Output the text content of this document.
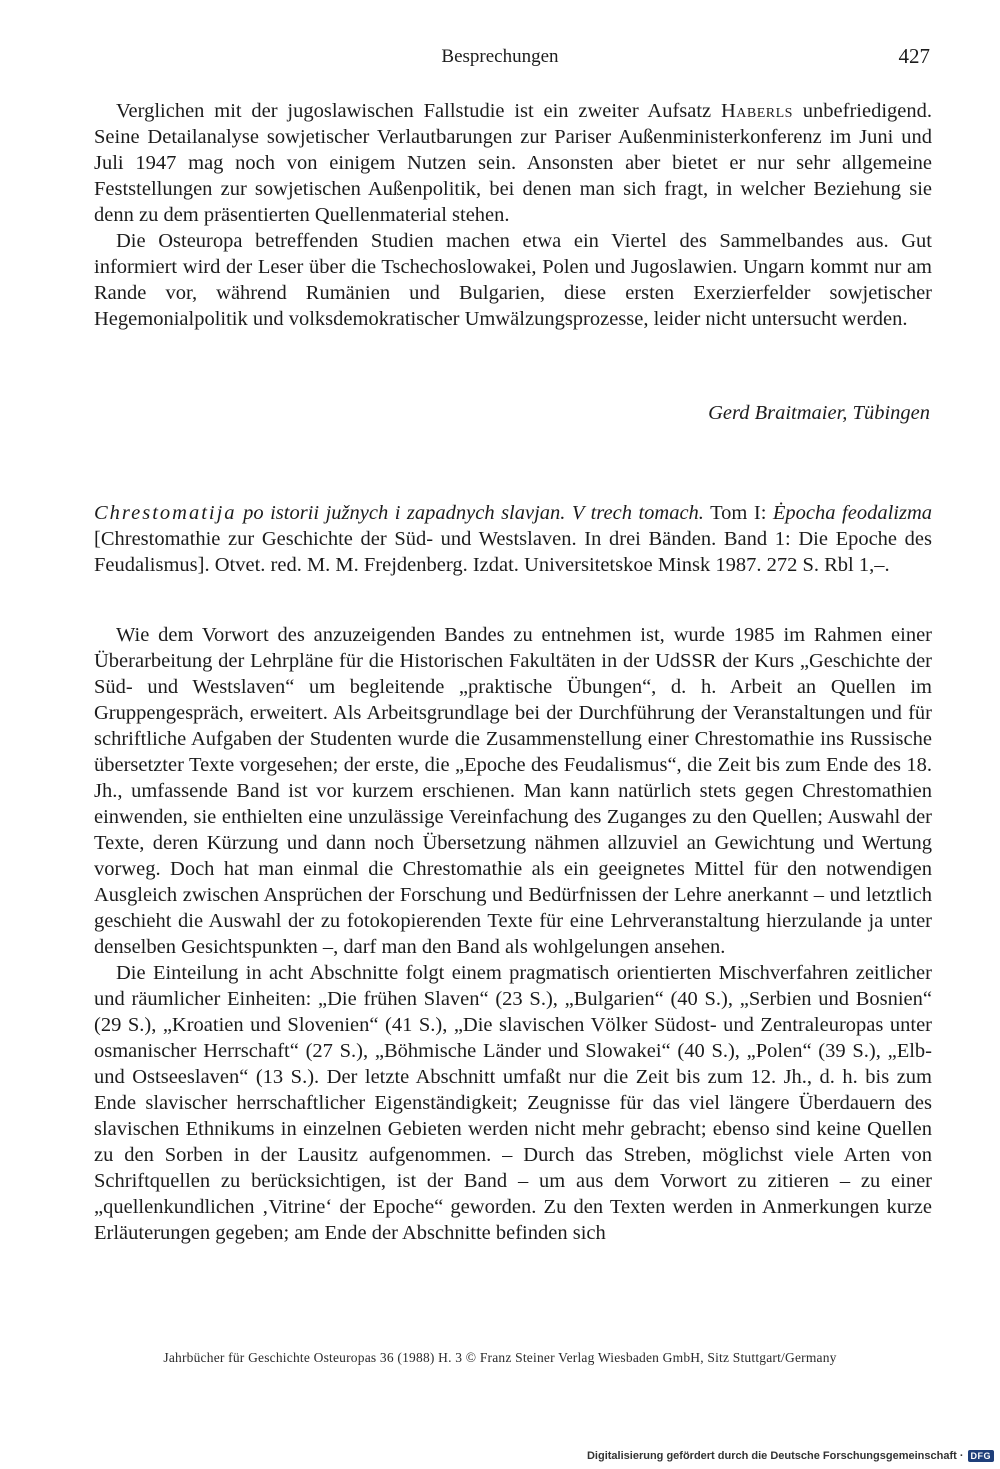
Besprechungen	427

Verglichen mit der jugoslawischen Fallstudie ist ein zweiter Aufsatz Haberls unbefriedigend. Seine Detailanalyse sowjetischer Verlautbarungen zur Pariser Außenministerkonferenz im Juni und Juli 1947 mag noch von einigem Nutzen sein. Ansonsten aber bietet er nur sehr allgemeine Feststellungen zur sowjetischen Außenpolitik, bei denen man sich fragt, in welcher Beziehung sie denn zu dem präsentierten Quellenmaterial stehen.

Die Osteuropa betreffenden Studien machen etwa ein Viertel des Sammelbandes aus. Gut informiert wird der Leser über die Tschechoslowakei, Polen und Jugoslawien. Ungarn kommt nur am Rande vor, während Rumänien und Bulgarien, diese ersten Exerzierfelder sowjetischer Hegemonialpolitik und volksdemokratischer Umwälzungsprozesse, leider nicht untersucht werden.

Gerd Braitmaier, Tübingen

Chrestomatija po istorii južnych i zapadnych slavjan. V trech tomach. Tom I: Ėpocha feodalizma [Chrestomathie zur Geschichte der Süd- und Westslaven. In drei Bänden. Band 1: Die Epoche des Feudalismus]. Otvet. red. M. M. Frejdenberg. Izdat. Universitetskoe Minsk 1987. 272 S. Rbl 1,–.

Wie dem Vorwort des anzuzeigenden Bandes zu entnehmen ist, wurde 1985 im Rahmen einer Überarbeitung der Lehrpläne für die Historischen Fakultäten in der UdSSR der Kurs „Geschichte der Süd- und Westslaven“ um begleitende „praktische Übungen“, d. h. Arbeit an Quellen im Gruppengespräch, erweitert. Als Arbeitsgrundlage bei der Durchführung der Veranstaltungen und für schriftliche Aufgaben der Studenten wurde die Zusammenstellung einer Chrestomathie ins Russische übersetzter Texte vorgesehen; der erste, die „Epoche des Feudalismus“, die Zeit bis zum Ende des 18. Jh., umfassende Band ist vor kurzem erschienen. Man kann natürlich stets gegen Chrestomathien einwenden, sie enthielten eine unzulässige Vereinfachung des Zuganges zu den Quellen; Auswahl der Texte, deren Kürzung und dann noch Übersetzung nähmen allzuviel an Gewichtung und Wertung vorweg. Doch hat man einmal die Chrestomathie als ein geeignetes Mittel für den notwendigen Ausgleich zwischen Ansprüchen der Forschung und Bedürfnissen der Lehre anerkannt – und letztlich geschieht die Auswahl der zu fotokopierenden Texte für eine Lehrveranstaltung hierzulande ja unter denselben Gesichtspunkten –, darf man den Band als wohlgelungen ansehen.

Die Einteilung in acht Abschnitte folgt einem pragmatisch orientierten Mischverfahren zeitlicher und räumlicher Einheiten: „Die frühen Slaven“ (23 S.), „Bulgarien“ (40 S.), „Serbien und Bosnien“ (29 S.), „Kroatien und Slovenien“ (41 S.), „Die slavischen Völker Südost- und Zentraleuropas unter osmanischer Herrschaft“ (27 S.), „Böhmische Länder und Slowakei“ (40 S.), „Polen“ (39 S.), „Elb- und Ostseeslaven“ (13 S.). Der letzte Abschnitt umfaßt nur die Zeit bis zum 12. Jh., d. h. bis zum Ende slavischer herrschaftlicher Eigenständigkeit; Zeugnisse für das viel längere Überdauern des slavischen Ethnikums in einzelnen Gebieten werden nicht mehr gebracht; ebenso sind keine Quellen zu den Sorben in der Lausitz aufgenommen. – Durch das Streben, möglichst viele Arten von Schriftquellen zu berücksichtigen, ist der Band – um aus dem Vorwort zu zitieren – zu einer „quellenkundlichen ‚Vitrine‘ der Epoche“ geworden. Zu den Texten werden in Anmerkungen kurze Erläuterungen gegeben; am Ende der Abschnitte befinden sich

Jahrbücher für Geschichte Osteuropas 36 (1988) H. 3 © Franz Steiner Verlag Wiesbaden GmbH, Sitz Stuttgart/Germany
Digitalisierung gefördert durch die Deutsche Forschungsgemeinschaft · DFG
